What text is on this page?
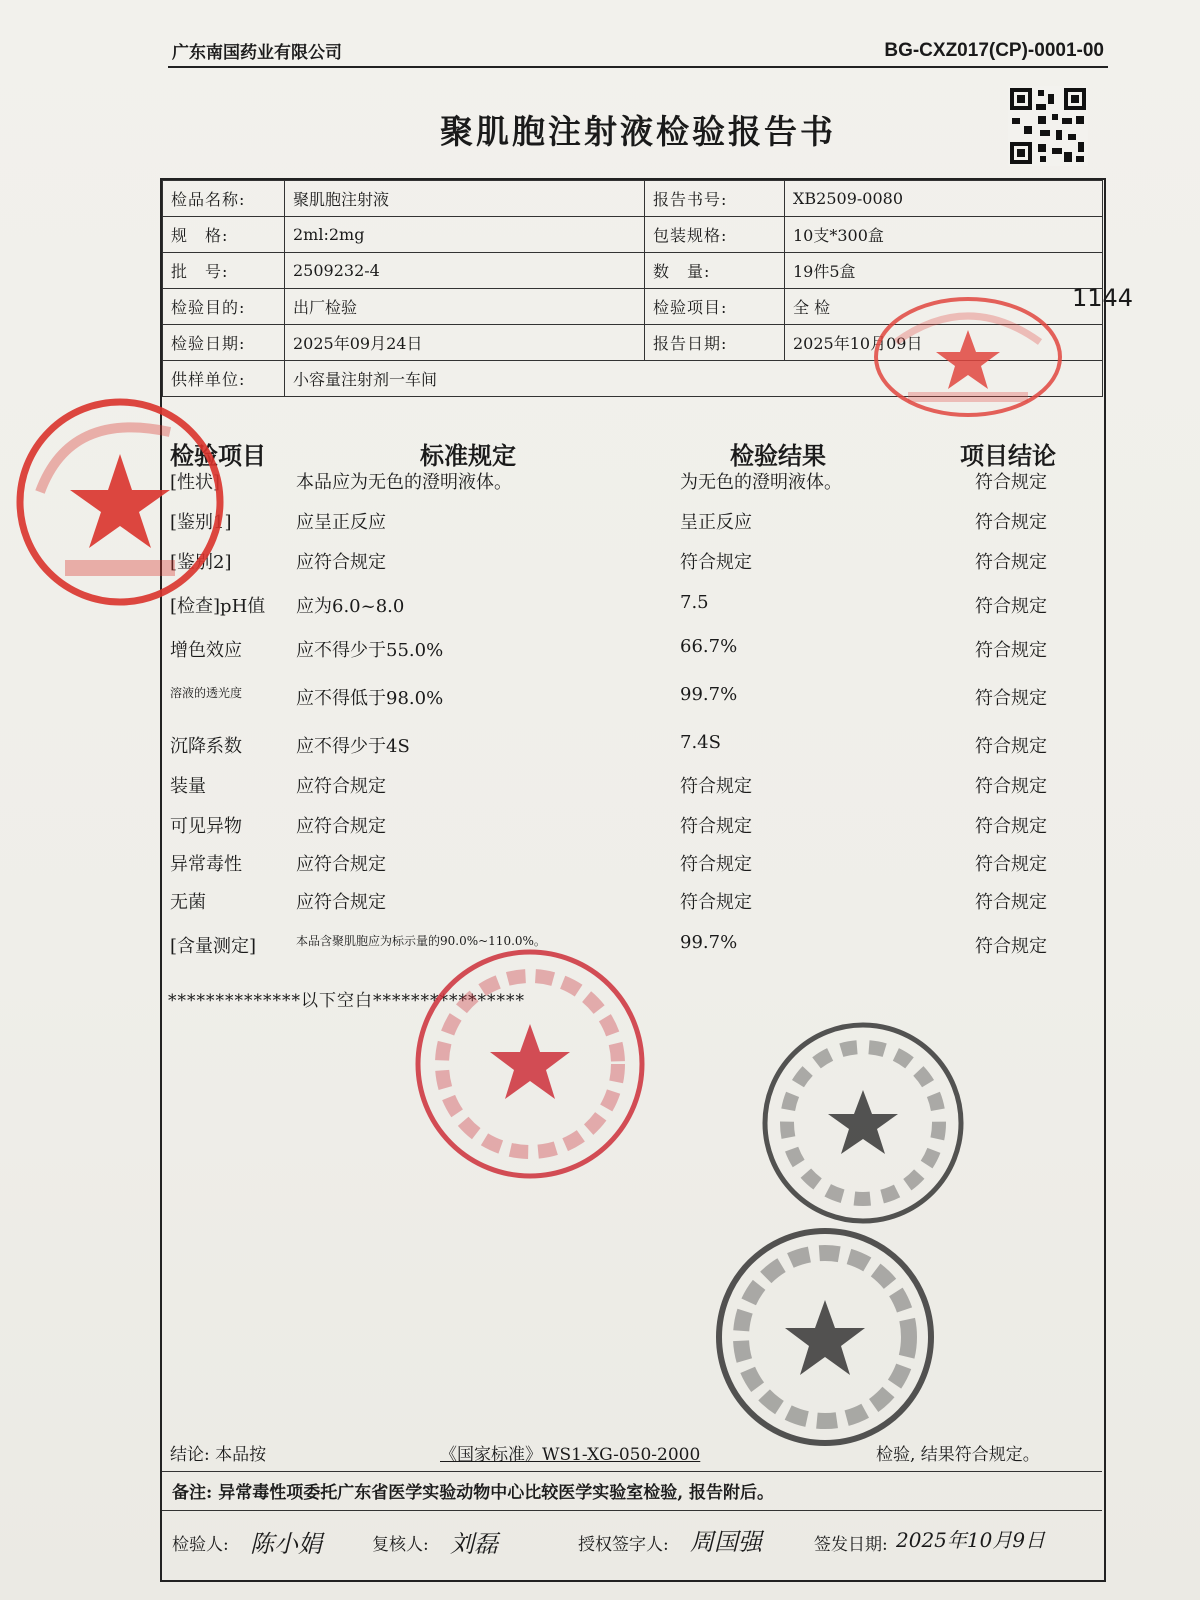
广东南国药业有限公司	BG-CXZ017(CP)-0001-00
聚肌胞注射液检验报告书
检品名称:	聚肌胞注射液	报告书号:	XB2509-0080
规　格:	2ml:2mg	包装规格:	10支*300盒
批　号:	2509232-4	数　量:	19件5盒
检验目的:	出厂检验	检验项目:	全 检
检验日期:	2025年09月24日	报告日期:	2025年10月09日
供样单位:	小容量注射剂一车间		
检验项目	标准规定	检验结果	项目结论
[性状]	本品应为无色的澄明液体。	为无色的澄明液体。	符合规定
[鉴别1]	应呈正反应	呈正反应	符合规定
[鉴别2]	应符合规定	符合规定	符合规定
[检查]pH值 应为6.0~8.0	7.5	符合规定
增色效应	应不得少于55.0%	66.7%	符合规定
溶液的透光度	应不得低于98.0%	99.7%	符合规定
沉降系数	应不得少于4S	7.4S	符合规定
装量	应符合规定	符合规定	符合规定
可见异物	应符合规定	符合规定	符合规定
异常毒性	应符合规定	符合规定	符合规定
无菌	应符合规定	符合规定	符合规定
[含量测定]	本品含聚肌胞应为标示量的90.0%~110.0%。	99.7%	符合规定
**************以下空白****************
结论: 本品按	《国家标准》WS1-XG-050-2000	检验, 结果符合规定。
备注: 异常毒性项委托广东省医学实验动物中心比较医学实验室检验, 报告附后。
检验人: 陈小娟	复核人: 刘磊	授权签字人: 周国强	签发日期: 2025年10月9日
1144
